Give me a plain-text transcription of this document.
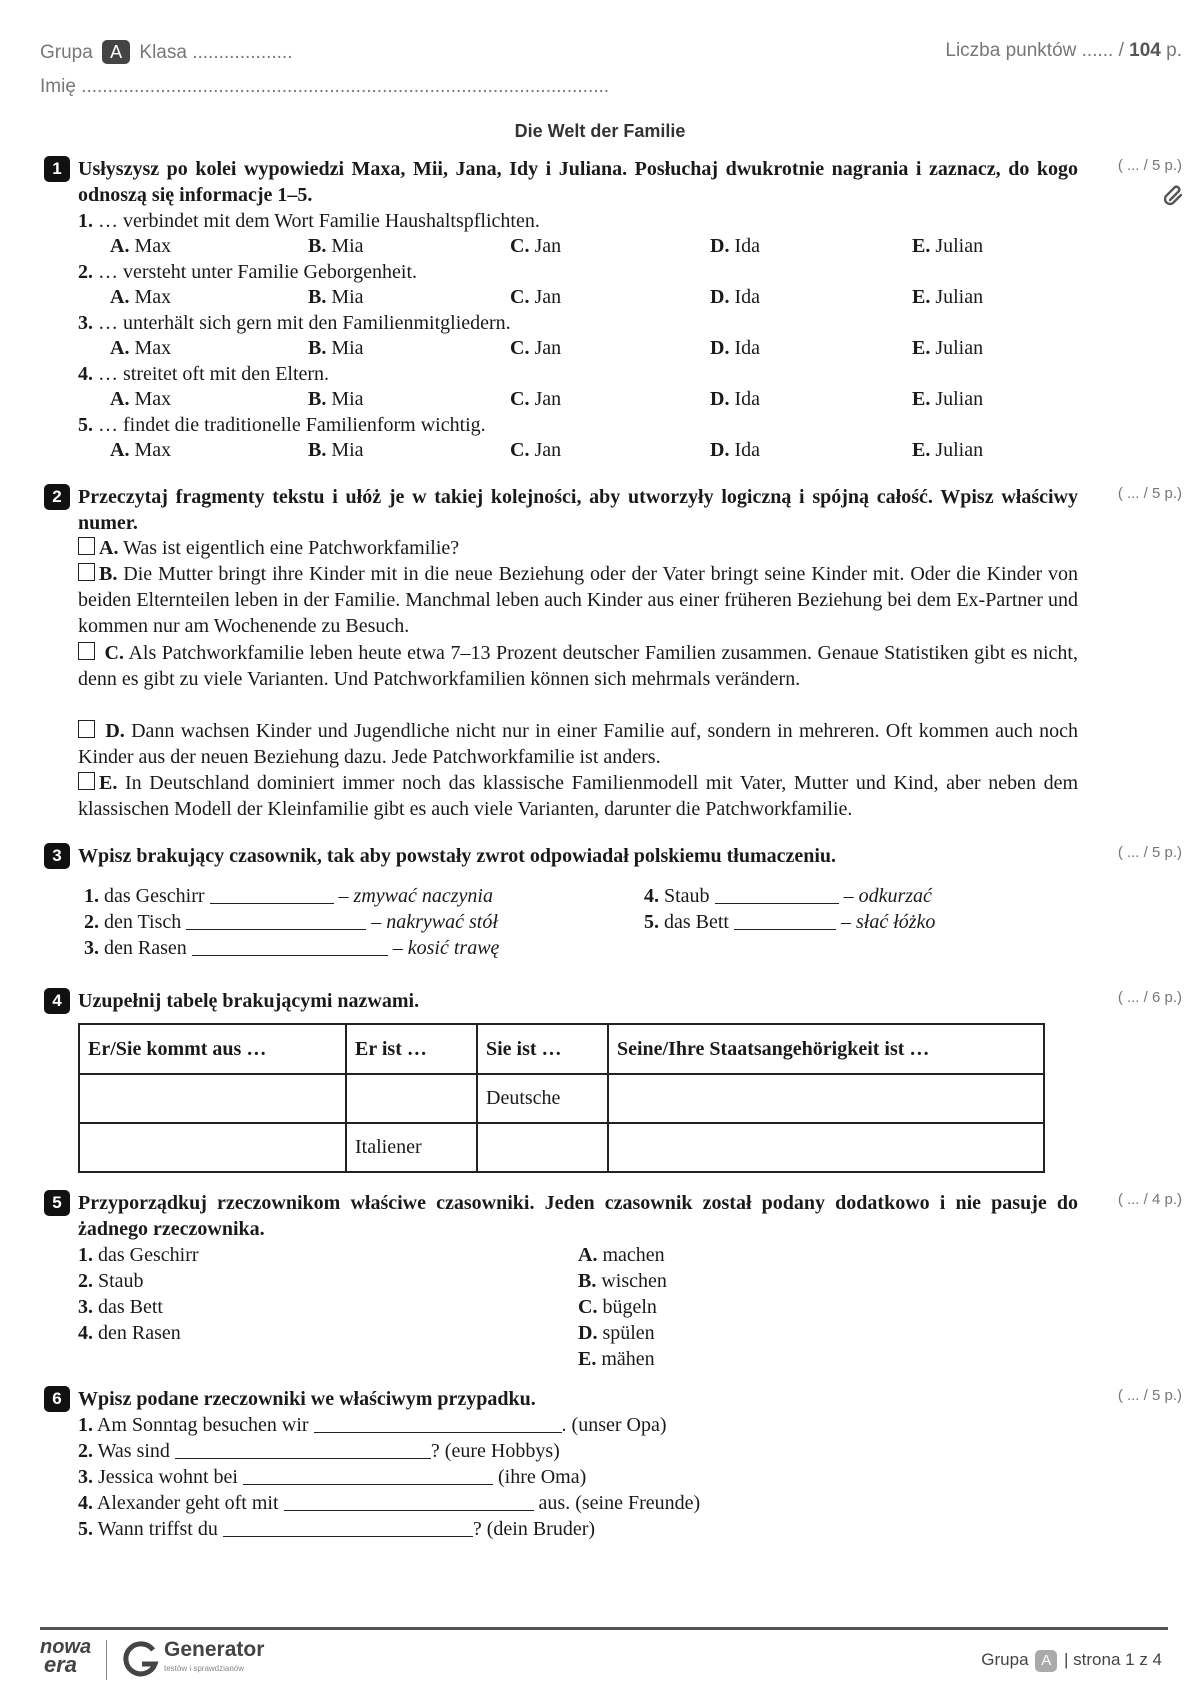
Grupa A Klasa ...................
Imię ....................................................................................................
Liczba punktów ...... / 104 p.
Die Welt der Familie
1 Usłyszysz po kolei wypowiedzi Maxa, Mii, Jana, Idy i Juliana. Posłuchaj dwukrotnie nagrania i zaznacz, do kogo odnoszą się informacje 1–5.
( ... / 5 p.)
1. … verbindet mit dem Wort Familie Haushaltspflichten.
A. Max	B. Mia	C. Jan	D. Ida	E. Julian
2. … versteht unter Familie Geborgenheit.
A. Max	B. Mia	C. Jan	D. Ida	E. Julian
3. … unterhält sich gern mit den Familienmitgliedern.
A. Max	B. Mia	C. Jan	D. Ida	E. Julian
4. … streitet oft mit den Eltern.
A. Max	B. Mia	C. Jan	D. Ida	E. Julian
5. … findet die traditionelle Familienform wichtig.
A. Max	B. Mia	C. Jan	D. Ida	E. Julian
2 Przeczytaj fragmenty tekstu i ułóż je w takiej kolejności, aby utworzyły logiczną i spójną całość. Wpisz właściwy numer.
( ... / 5 p.)
A. Was ist eigentlich eine Patchworkfamilie?
B. Die Mutter bringt ihre Kinder mit in die neue Beziehung oder der Vater bringt seine Kinder mit. Oder die Kinder von beiden Elternteilen leben in der Familie. Manchmal leben auch Kinder aus einer früheren Beziehung bei dem Ex-Partner und kommen nur am Wochenende zu Besuch.
C. Als Patchworkfamilie leben heute etwa 7–13 Prozent deutscher Familien zusammen. Genaue Statistiken gibt es nicht, denn es gibt zu viele Varianten. Und Patchworkfamilien können sich mehrmals verändern.
D. Dann wachsen Kinder und Jugendliche nicht nur in einer Familie auf, sondern in mehreren. Oft kommen auch noch Kinder aus der neuen Beziehung dazu. Jede Patchworkfamilie ist anders.
E. In Deutschland dominiert immer noch das klassische Familienmodell mit Vater, Mutter und Kind, aber neben dem klassischen Modell der Kleinfamilie gibt es auch viele Varianten, darunter die Patchworkfamilie.
3 Wpisz brakujący czasownik, tak aby powstały zwrot odpowiadał polskiemu tłumaczeniu.	( ... / 5 p.)
1. das Geschirr	– zmywać naczynia
2. den Tisch	– nakrywać stół
3. den Rasen	– kosić trawę
4. Staub	– odkurzać
5. das Bett	– słać łóżko
4 Uzupełnij tabelę brakującymi nazwami.	( ... / 6 p.)
Er/Sie kommt aus …	Er ist …	Sie ist …	Seine/Ihre Staatsangehörigkeit ist …
		Deutsche	
	Italiener		
5 Przyporządkuj rzeczownikom właściwe czasowniki. Jeden czasownik został podany dodatkowo i nie pasuje do żadnego rzeczownika.
( ... / 4 p.)
1. das Geschirr
2. Staub
3. das Bett
4. den Rasen
A. machen
B. wischen
C. bügeln
D. spülen
E. mähen
6 Wpisz podane rzeczowniki we właściwym przypadku.	( ... / 5 p.)
1. Am Sonntag besuchen wir	. (unser Opa)
2. Was sind	? (eure Hobbys)
3. Jessica wohnt bei	(ihre Oma)
4. Alexander geht oft mit	aus. (seine Freunde)
5. Wann triffst du	? (dein Bruder)
nowa
era
Generator
testów i sprawdzianów	Grupa A | strona 1 z 4
